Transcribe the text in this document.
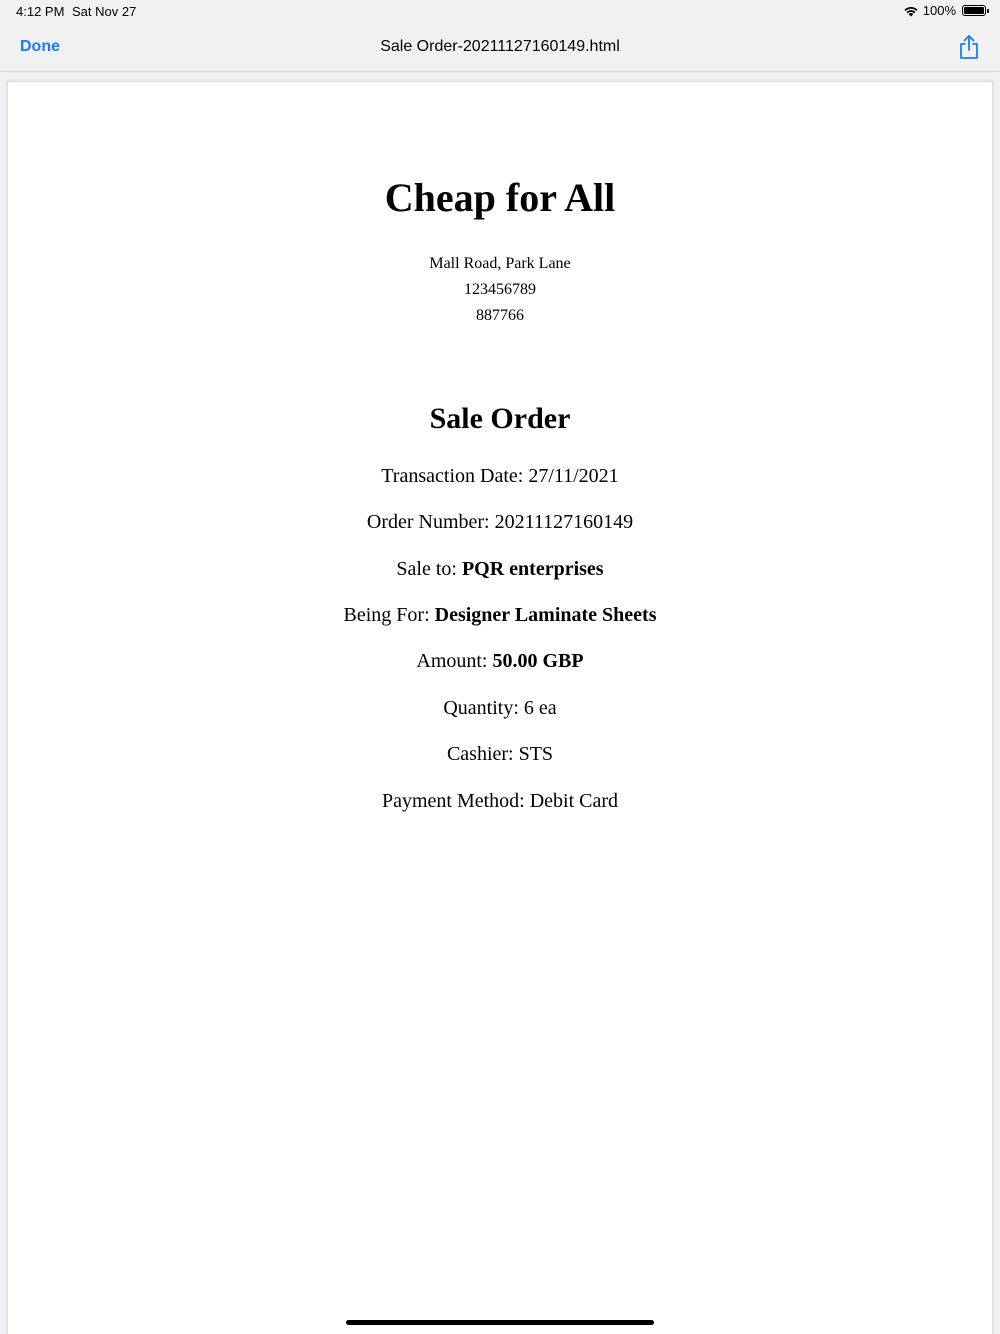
4:12 PM Sat Nov 27	100%
Done	Sale Order-20211127160149.html
Cheap for All
Mall Road, Park Lane
123456789
887766
Sale Order
Transaction Date: 27/11/2021
Order Number: 20211127160149
Sale to: PQR enterprises
Being For: Designer Laminate Sheets
Amount: 50.00 GBP
Quantity: 6 ea
Cashier: STS
Payment Method: Debit Card
